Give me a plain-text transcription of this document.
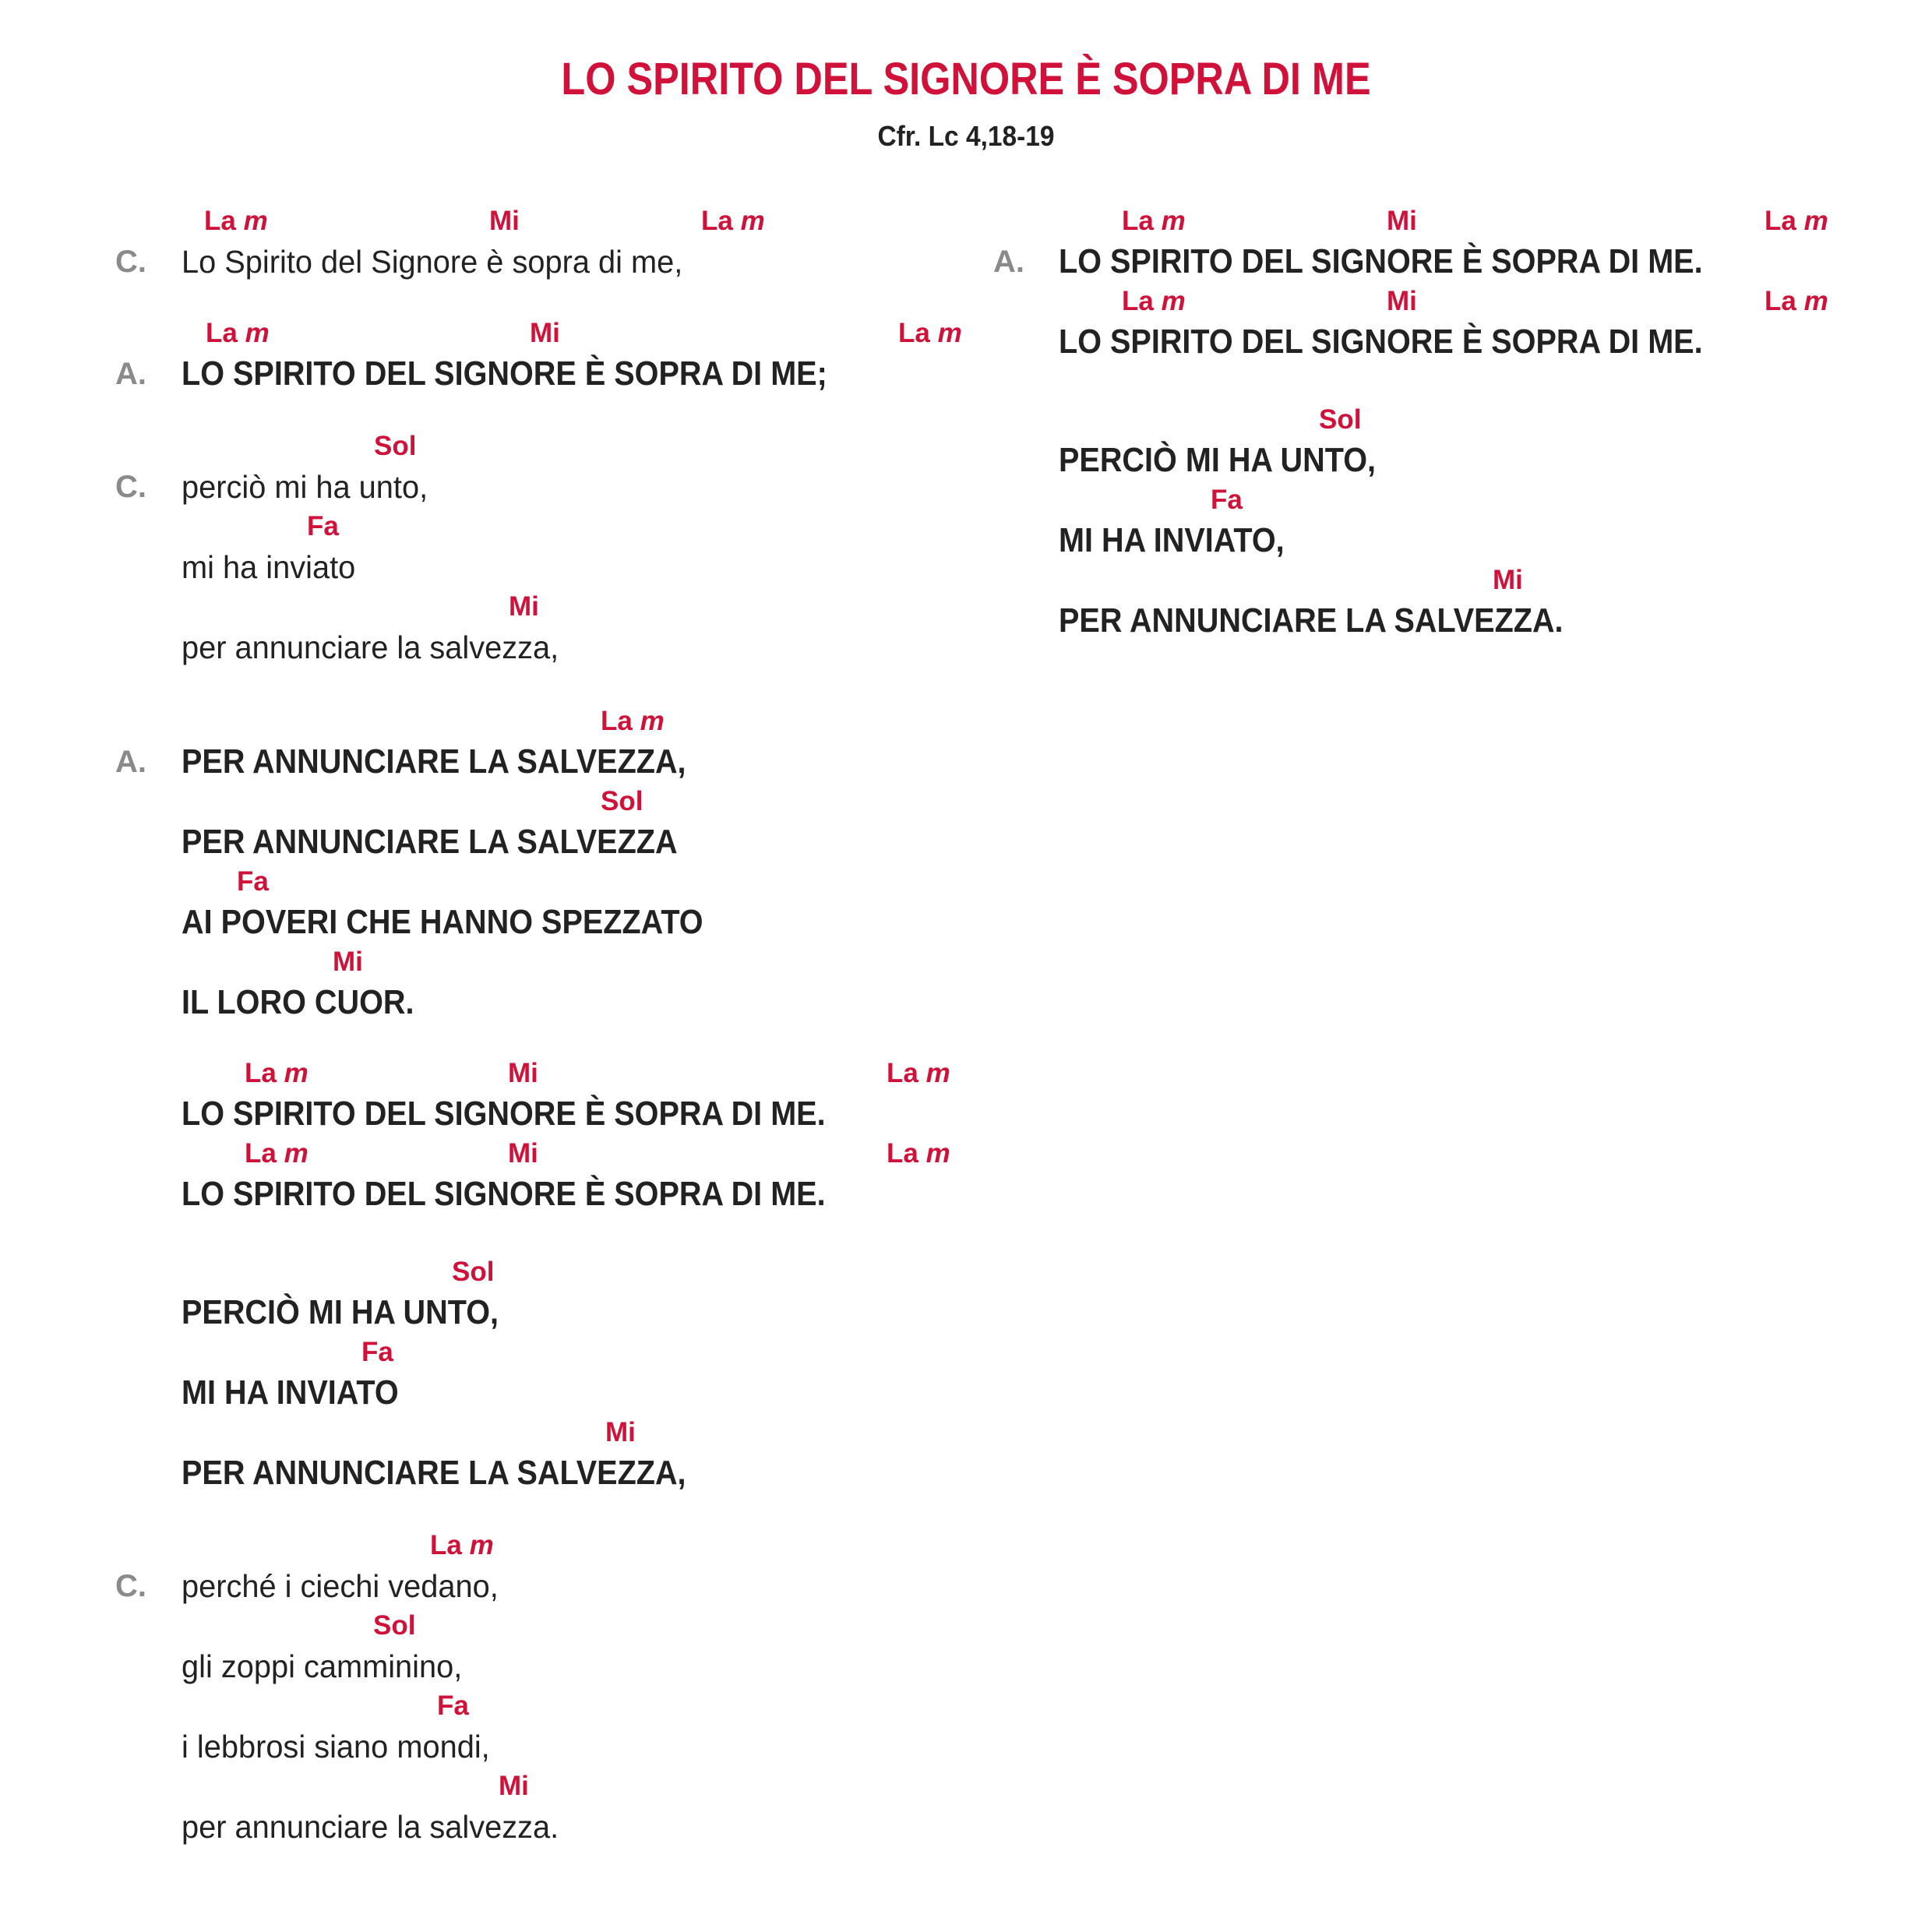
LO SPIRITO DEL SIGNORE È SOPRA DI ME
Cfr. Lc 4,18-19
La m	Mi	La m
C. Lo Spirito del Signore è sopra di me,
La m	Mi	La m
A. LO SPIRITO DEL SIGNORE È SOPRA DI ME;
Sol
C. perciò mi ha unto,
Fa
mi ha inviato
Mi
per annunciare la salvezza,
La m
A. PER ANNUNCIARE LA SALVEZZA,
Sol
PER ANNUNCIARE LA SALVEZZA
Fa
AI POVERI CHE HANNO SPEZZATO
Mi
IL LORO CUOR.
La m	Mi	La m
LO SPIRITO DEL SIGNORE È SOPRA DI ME.
La m	Mi	La m
LO SPIRITO DEL SIGNORE È SOPRA DI ME.
Sol
PERCIÒ MI HA UNTO,
Fa
MI HA INVIATO
Mi
PER ANNUNCIARE LA SALVEZZA,
La m
C. perché i ciechi vedano,
Sol
gli zoppi camminino,
Fa
i lebbrosi siano mondi,
Mi
per annunciare la salvezza.
La m	Mi	La m
A. LO SPIRITO DEL SIGNORE È SOPRA DI ME.
La m	Mi	La m
LO SPIRITO DEL SIGNORE È SOPRA DI ME.
Sol
PERCIÒ MI HA UNTO,
Fa
MI HA INVIATO,
Mi
PER ANNUNCIARE LA SALVEZZA.
